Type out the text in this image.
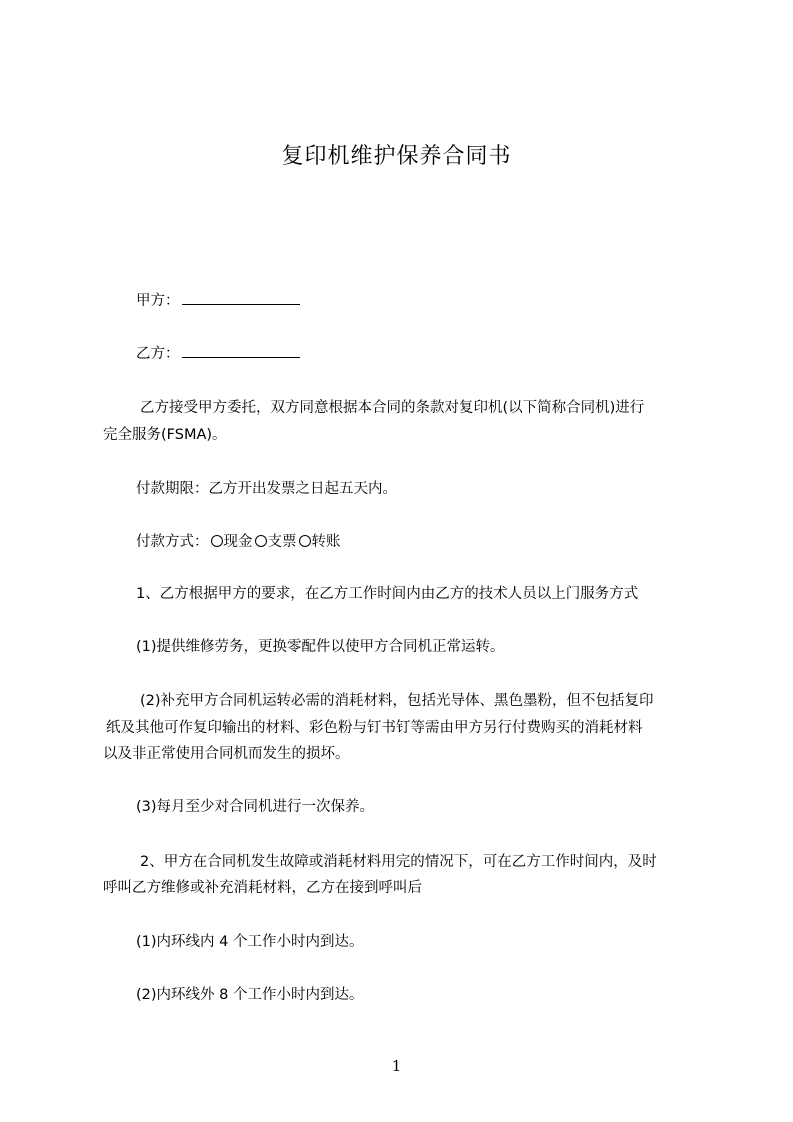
复印机维护保养合同书
甲方：
乙方：
乙方接受甲方委托，双方同意根据本合同的条款对复印机(以下简称合同机)进行
完全服务(FSMA)。
付款期限：乙方开出发票之日起五天内。
付款方式： 现金 支票 转账
1、乙方根据甲方的要求，在乙方工作时间内由乙方的技术人员以上门服务方式
(1)提供维修劳务，更换零配件以使甲方合同机正常运转。
(2)补充甲方合同机运转必需的消耗材料，包括光导体、黑色墨粉，但不包括复印
纸及其他可作复印输出的材料、彩色粉与钉书钉等需由甲方另行付费购买的消耗材料
以及非正常使用合同机而发生的损坏。
(3)每月至少对合同机进行一次保养。
2、甲方在合同机发生故障或消耗材料用完的情况下，可在乙方工作时间内，及时
呼叫乙方维修或补充消耗材料，乙方在接到呼叫后
(1)内环线内 4 个工作小时内到达。
(2)内环线外 8 个工作小时内到达。
1
